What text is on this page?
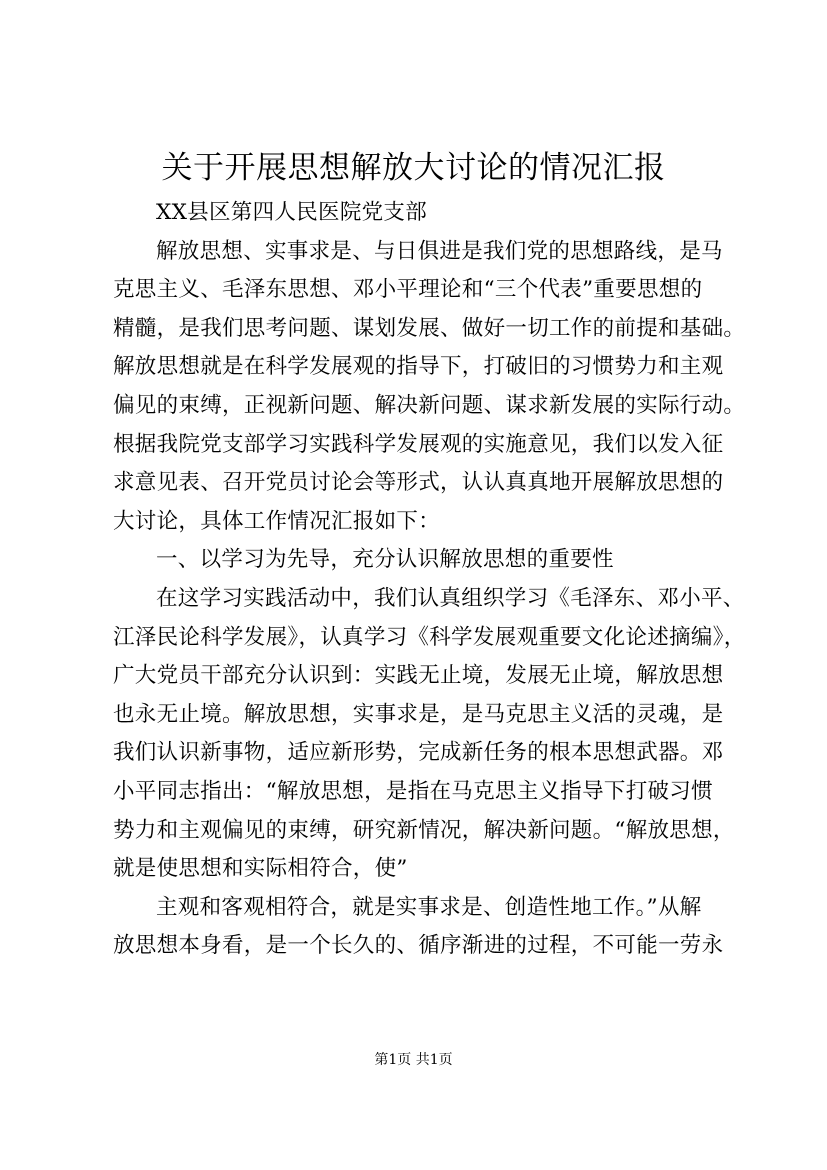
关于开展思想解放大讨论的情况汇报
XX县区第四人民医院党支部
解放思想、实事求是、与日俱进是我们党的思想路线，是马
克思主义、毛泽东思想、邓小平理论和“三个代表”重要思想的
精髓，是我们思考问题、谋划发展、做好一切工作的前提和基础。
解放思想就是在科学发展观的指导下，打破旧的习惯势力和主观
偏见的束缚，正视新问题、解决新问题、谋求新发展的实际行动。
根据我院党支部学习实践科学发展观的实施意见，我们以发入征
求意见表、召开党员讨论会等形式，认认真真地开展解放思想的
大讨论，具体工作情况汇报如下：
一、以学习为先导，充分认识解放思想的重要性
在这学习实践活动中，我们认真组织学习《毛泽东、邓小平、
江泽民论科学发展》，认真学习《科学发展观重要文化论述摘编》，
广大党员干部充分认识到：实践无止境，发展无止境，解放思想
也永无止境。解放思想，实事求是，是马克思主义活的灵魂，是
我们认识新事物，适应新形势，完成新任务的根本思想武器。邓
小平同志指出：“解放思想，是指在马克思主义指导下打破习惯
势力和主观偏见的束缚，研究新情况，解决新问题。“解放思想，
就是使思想和实际相符合，使”
主观和客观相符合，就是实事求是、创造性地工作。”从解
放思想本身看，是一个长久的、循序渐进的过程，不可能一劳永
第1页 共1页
